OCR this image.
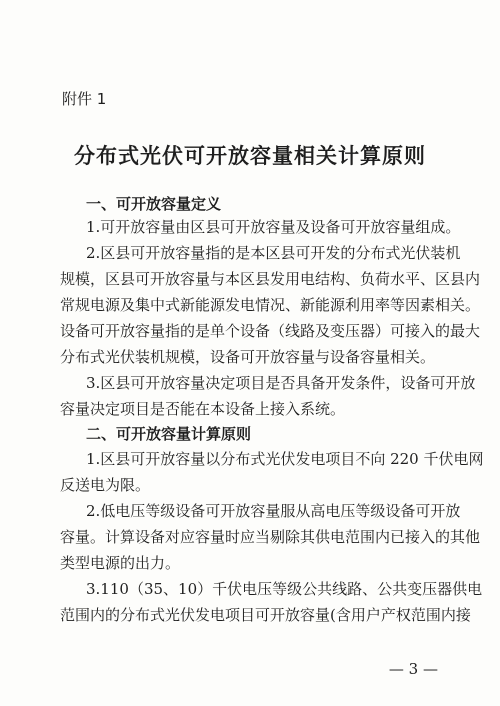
附件 1
分布式光伏可开放容量相关计算原则
一、可开放容量定义
1.可开放容量由区县可开放容量及设备可开放容量组成。
2.区县可开放容量指的是本区县可开发的分布式光伏装机
规模，区县可开放容量与本区县发用电结构、负荷水平、区县内
常规电源及集中式新能源发电情况、新能源利用率等因素相关。
设备可开放容量指的是单个设备（线路及变压器）可接入的最大
分布式光伏装机规模，设备可开放容量与设备容量相关。
3.区县可开放容量决定项目是否具备开发条件，设备可开放
容量决定项目是否能在本设备上接入系统。
二、可开放容量计算原则
1.区县可开放容量以分布式光伏发电项目不向 220 千伏电网
反送电为限。
2.低电压等级设备可开放容量服从高电压等级设备可开放
容量。计算设备对应容量时应当剔除其供电范围内已接入的其他
类型电源的出力。
3.110（35、10）千伏电压等级公共线路、公共变压器供电
范围内的分布式光伏发电项目可开放容量(含用户产权范围内接
— 3 —
